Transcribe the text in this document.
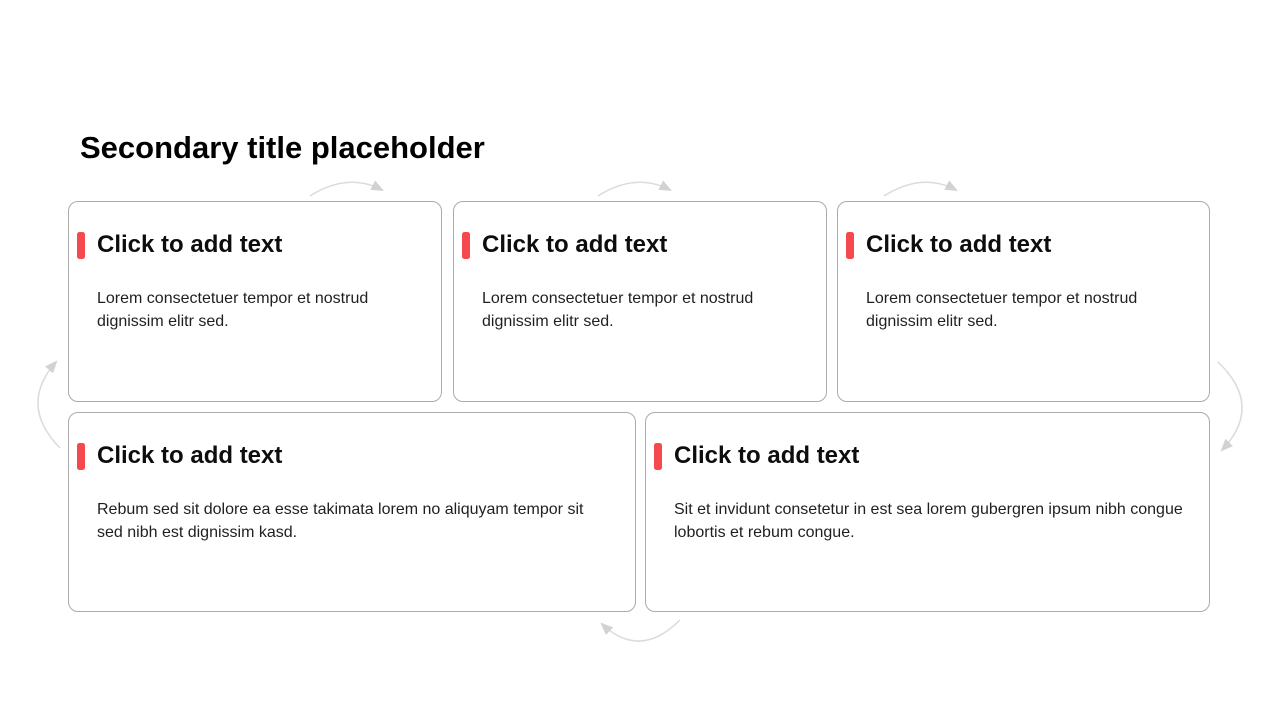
Secondary title placeholder
Click to add text

Lorem consectetuer tempor et nostrud dignissim elitr sed.

Click to add text

Lorem consectetuer tempor et nostrud dignissim elitr sed.

Click to add text

Lorem consectetuer tempor et nostrud dignissim elitr sed.

Click to add text

Rebum sed sit dolore ea esse takimata lorem no aliquyam tempor sit sed nibh est dignissim kasd.

Click to add text

Sit et invidunt consetetur in est sea lorem gubergren ipsum nibh congue lobortis et rebum congue.
